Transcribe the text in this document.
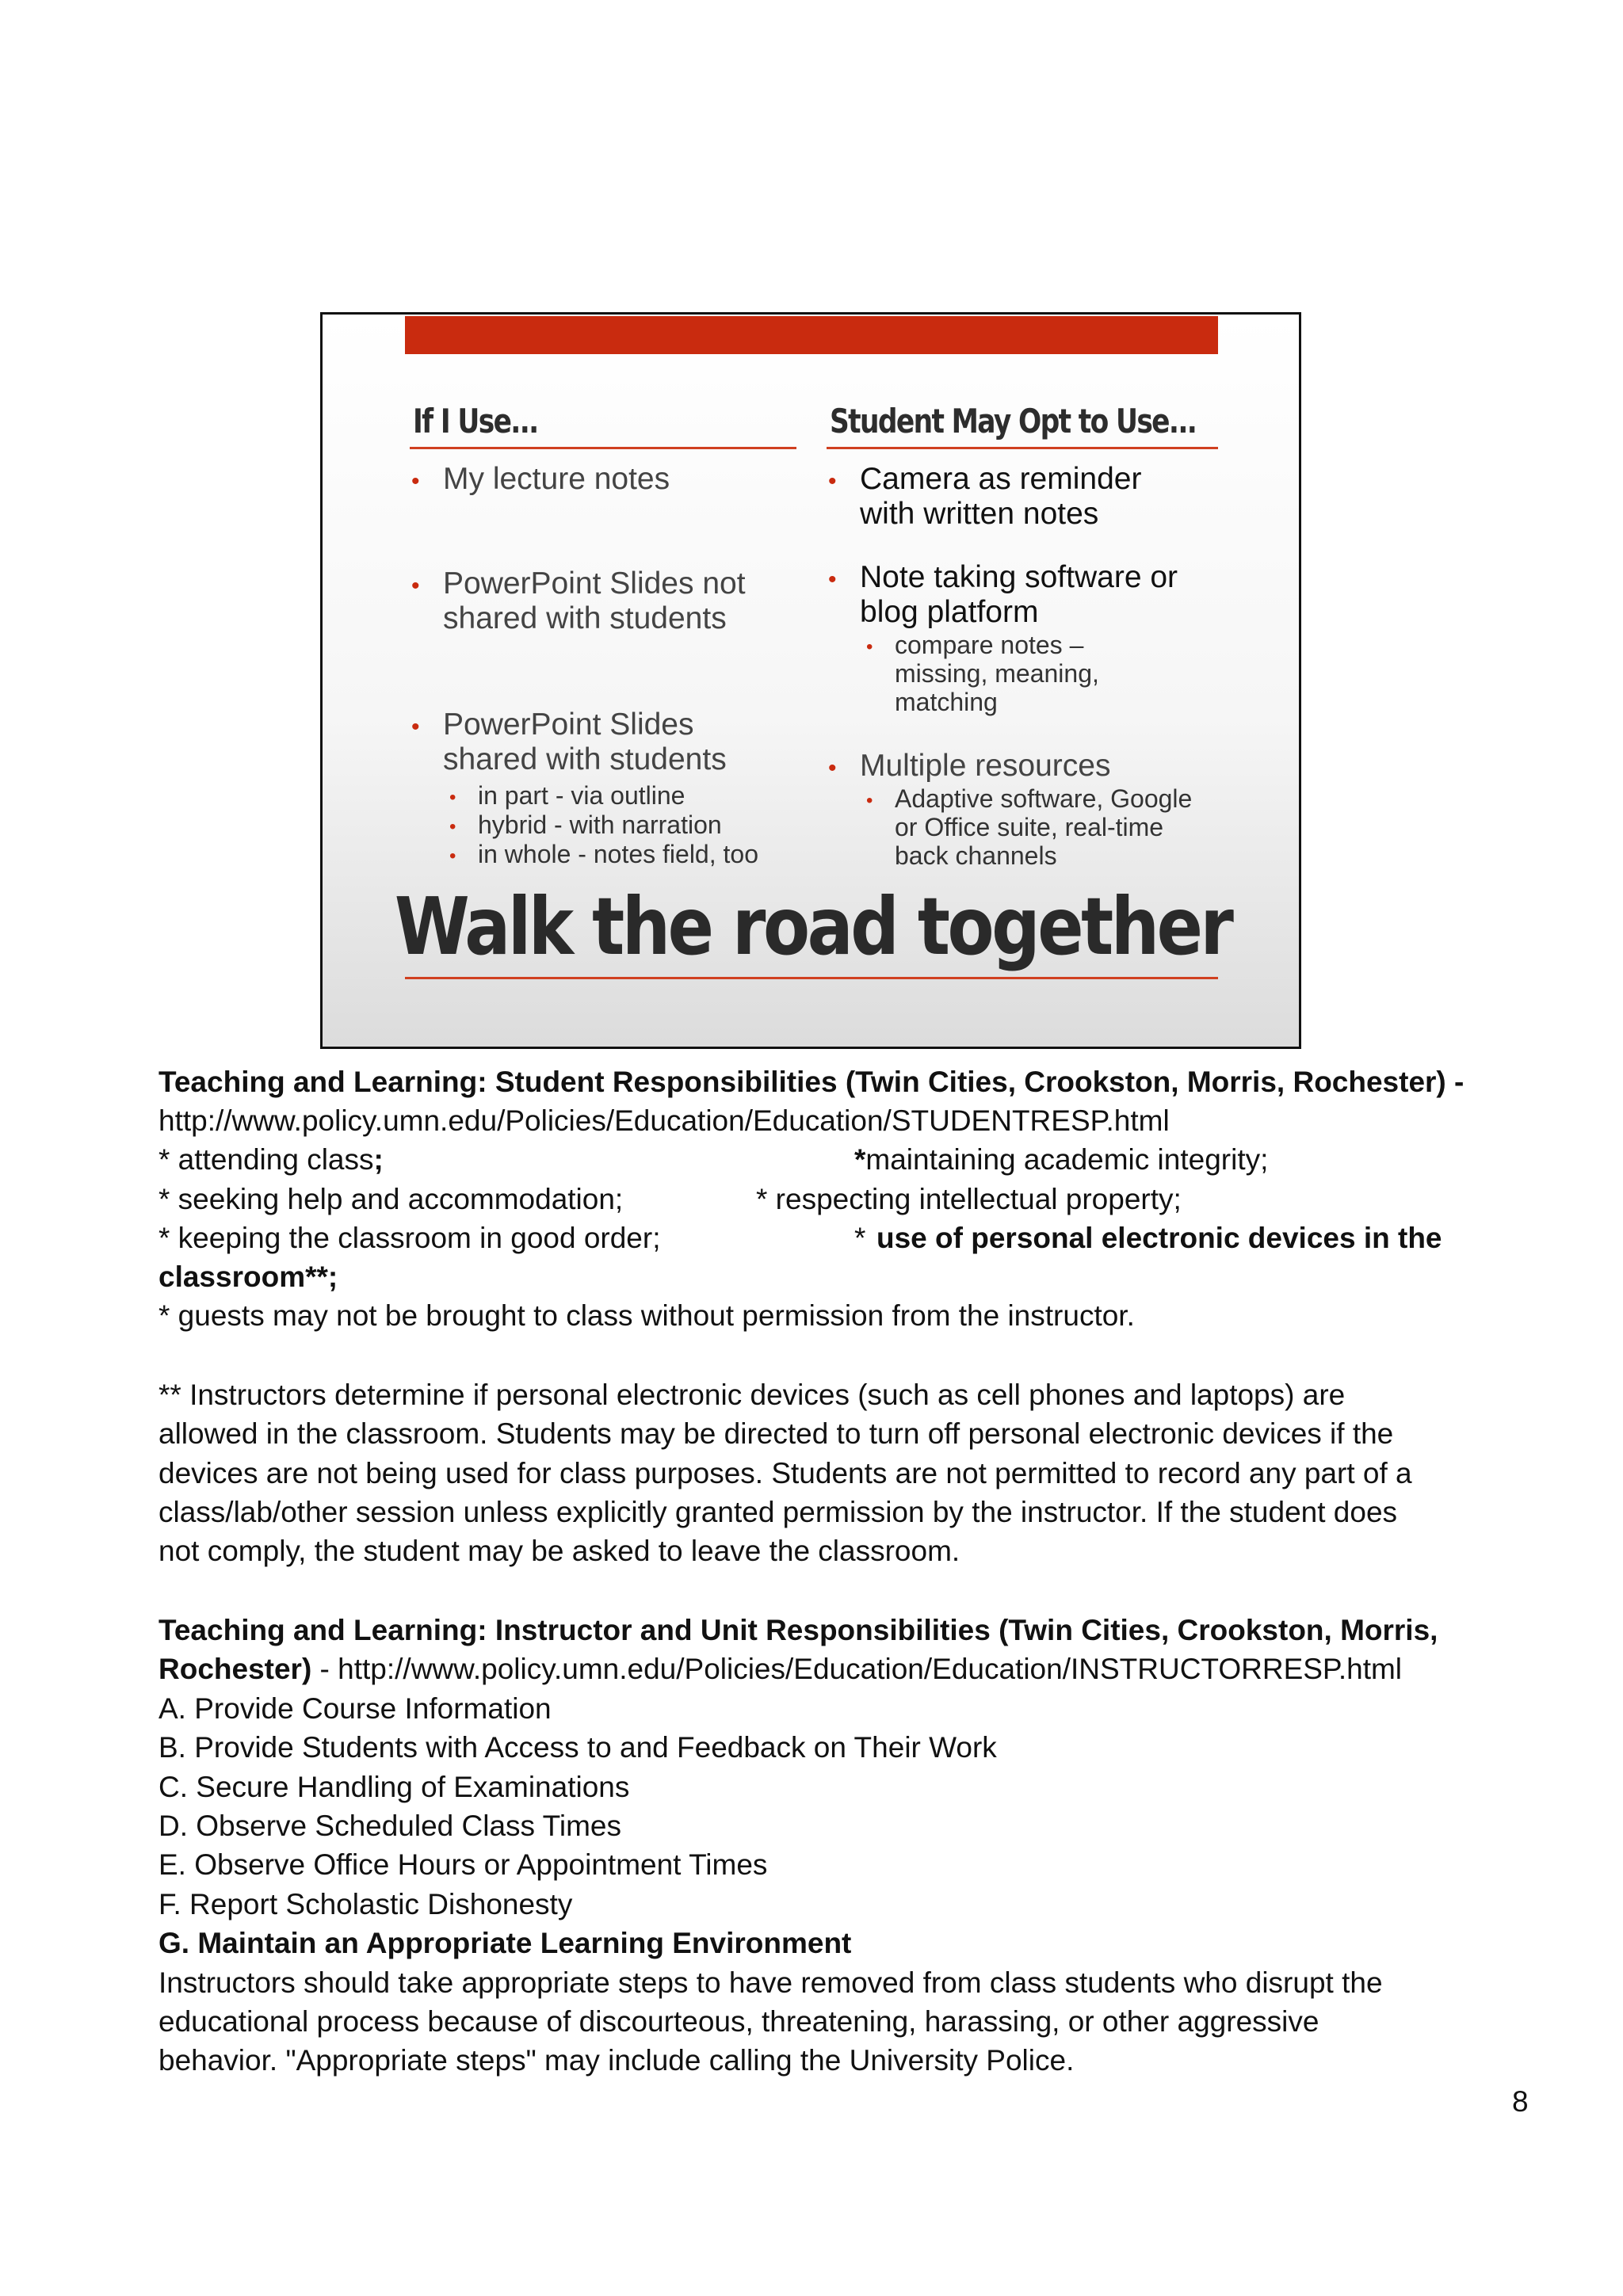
If I Use...	Student May Opt to Use...
• My lecture notes
• PowerPoint Slides not shared with students
• PowerPoint Slides shared with students
• in part - via outline
• hybrid - with narration
• in whole - notes field, too
• Camera as reminder with written notes
• Note taking software or blog platform
• compare notes – missing, meaning, matching
• Multiple resources
• Adaptive software, Google or Office suite, real-time back channels
Walk the road together
Teaching and Learning: Student Responsibilities (Twin Cities, Crookston, Morris, Rochester) -
http://www.policy.umn.edu/Policies/Education/Education/STUDENTRESP.html
* attending class;	*maintaining academic integrity;
* seeking help and accommodation;	* respecting intellectual property;
* keeping the classroom in good order;	* use of personal electronic devices in the
classroom**;
* guests may not be brought to class without permission from the instructor.
** Instructors determine if personal electronic devices (such as cell phones and laptops) are
allowed in the classroom. Students may be directed to turn off personal electronic devices if the
devices are not being used for class purposes. Students are not permitted to record any part of a
class/lab/other session unless explicitly granted permission by the instructor. If the student does
not comply, the student may be asked to leave the classroom.
Teaching and Learning: Instructor and Unit Responsibilities (Twin Cities, Crookston, Morris,
Rochester) - http://www.policy.umn.edu/Policies/Education/Education/INSTRUCTORRESP.html
A. Provide Course Information
B. Provide Students with Access to and Feedback on Their Work
C. Secure Handling of Examinations
D. Observe Scheduled Class Times
E. Observe Office Hours or Appointment Times
F. Report Scholastic Dishonesty
G. Maintain an Appropriate Learning Environment
Instructors should take appropriate steps to have removed from class students who disrupt the
educational process because of discourteous, threatening, harassing, or other aggressive
behavior. "Appropriate steps" may include calling the University Police.
8
